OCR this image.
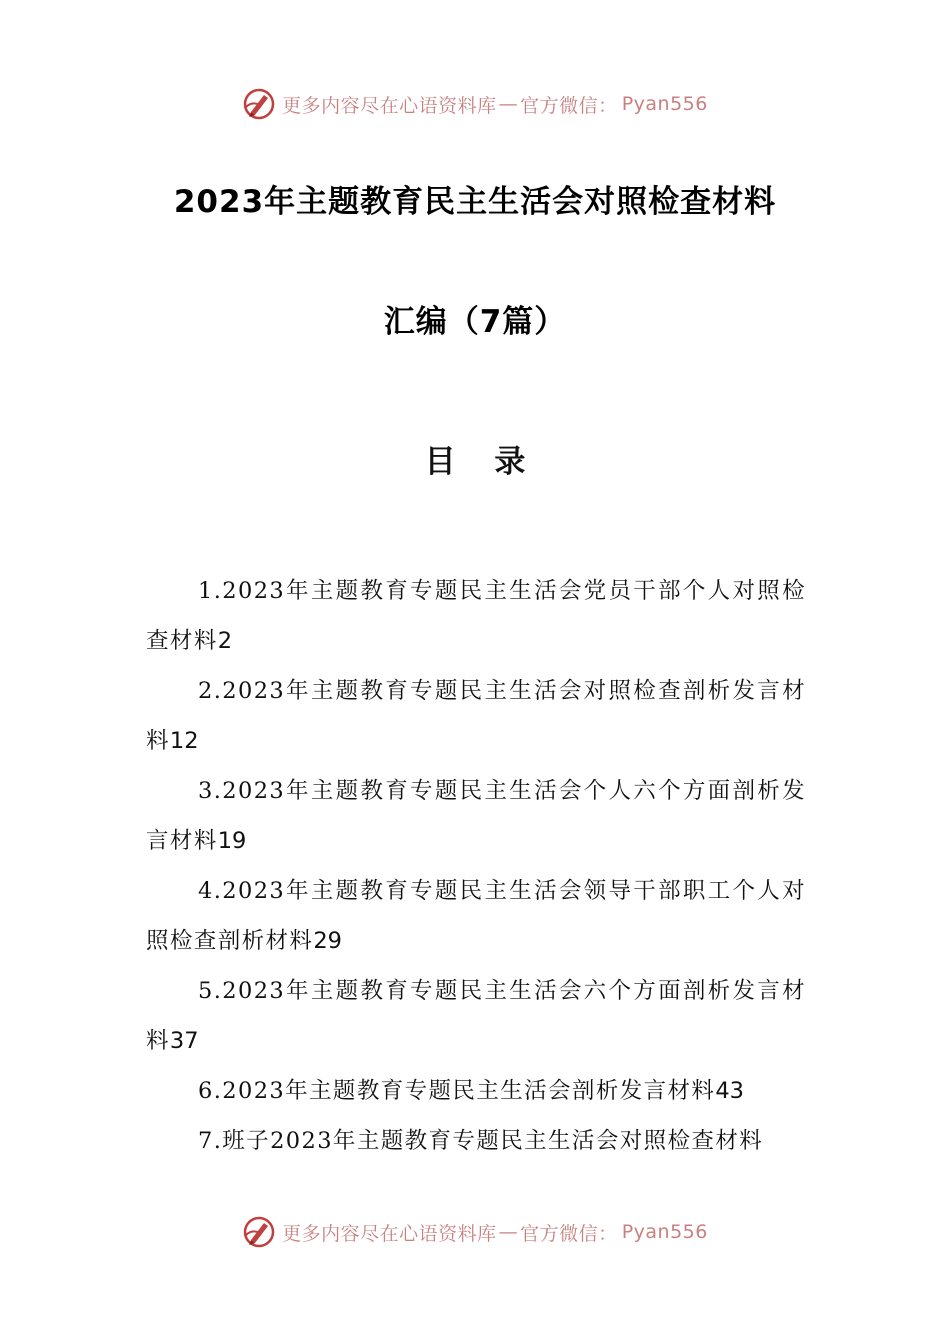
更多内容尽在心语资料库 — 官方微信： Pyan556
2023年主题教育民主生活会对照检查材料
汇编（7篇）
目 录

1.2023年主题教育专题民主生活会党员干部个人对照检查材料2

2.2023年主题教育专题民主生活会对照检查剖析发言材料12

3.2023年主题教育专题民主生活会个人六个方面剖析发言材料19

4.2023年主题教育专题民主生活会领导干部职工个人对照检查剖析材料29

5.2023年主题教育专题民主生活会六个方面剖析发言材料37

6.2023年主题教育专题民主生活会剖析发言材料43

7.班子2023年主题教育专题民主生活会对照检查材料

更多内容尽在心语资料库 — 官方微信： Pyan556
